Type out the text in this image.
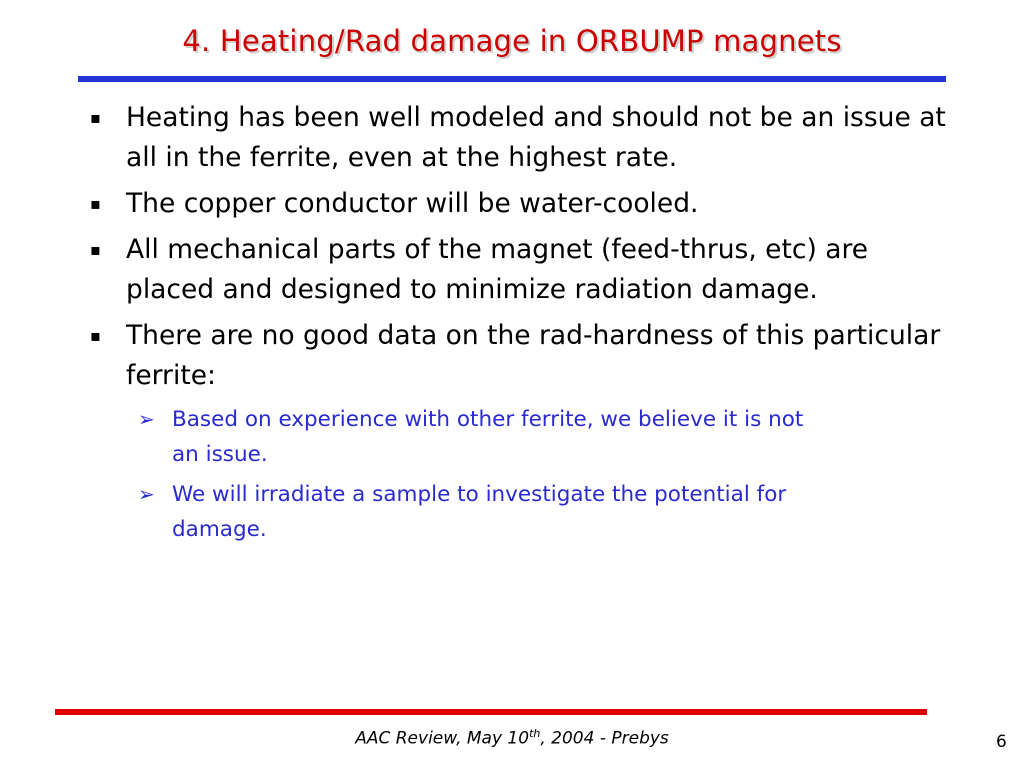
4. Heating/Rad damage in ORBUMP magnets
▪ Heating has been well modeled and should not be an issue at all in the ferrite, even at the highest rate.
▪ The copper conductor will be water-cooled.
▪ All mechanical parts of the magnet (feed-thrus, etc) are placed and designed to minimize radiation damage.
▪ There are no good data on the rad-hardness of this particular ferrite:
➢ Based on experience with other ferrite, we believe it is not an issue.
➢ We will irradiate a sample to investigate the potential for damage.
AAC Review, May 10th, 2004 - Prebys	6
